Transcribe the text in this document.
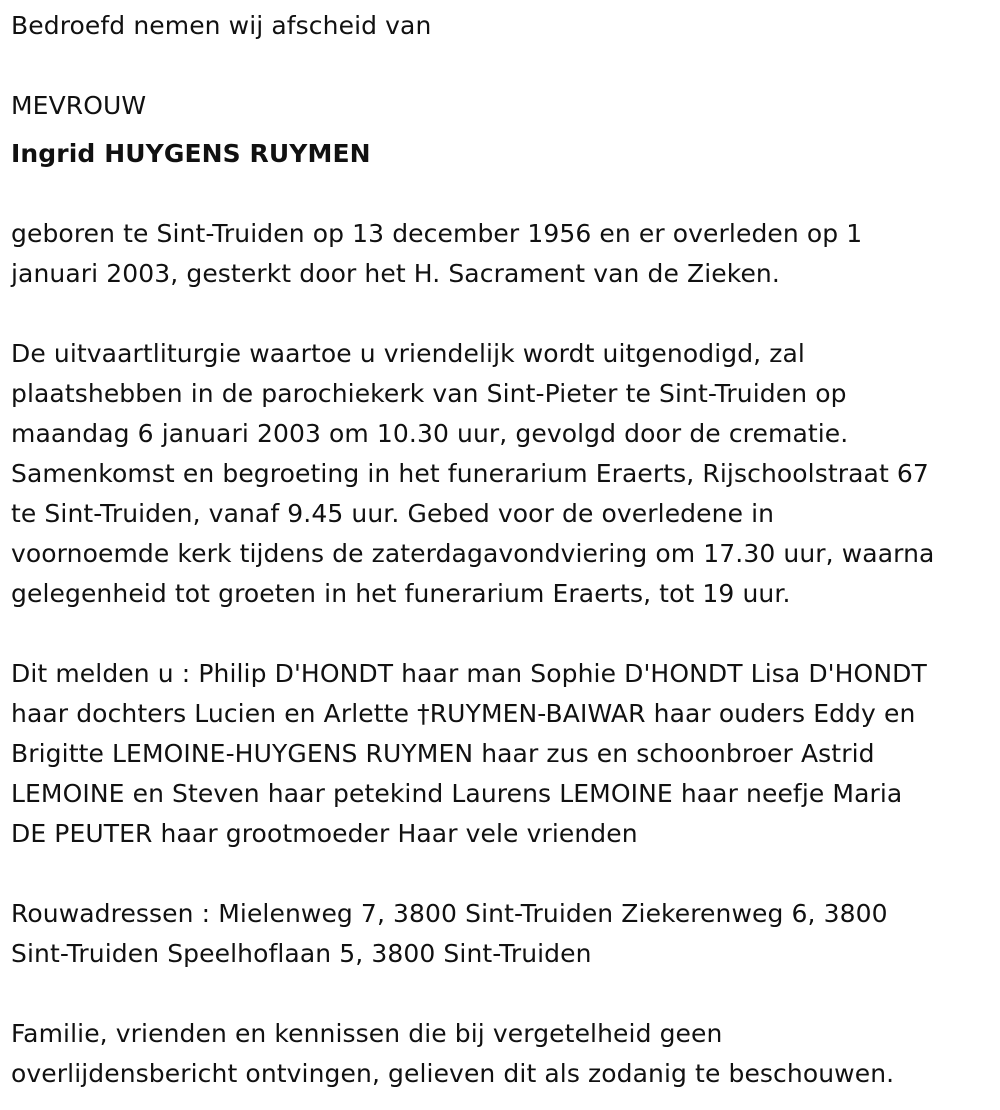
Bedroefd nemen wij afscheid van
MEVROUW
Ingrid HUYGENS RUYMEN
geboren te Sint-Truiden op 13 december 1956 en er overleden op 1
januari 2003, gesterkt door het H. Sacrament van de Zieken.
De uitvaartliturgie waartoe u vriendelijk wordt uitgenodigd, zal
plaatshebben in de parochiekerk van Sint-Pieter te Sint-Truiden op
maandag 6 januari 2003 om 10.30 uur, gevolgd door de crematie.
Samenkomst en begroeting in het funerarium Eraerts, Rijschoolstraat 67
te Sint-Truiden, vanaf 9.45 uur. Gebed voor de overledene in
voornoemde kerk tijdens de zaterdagavondviering om 17.30 uur, waarna
gelegenheid tot groeten in het funerarium Eraerts, tot 19 uur.
Dit melden u : Philip D'HONDT haar man Sophie D'HONDT Lisa D'HONDT
haar dochters Lucien en Arlette †RUYMEN-BAIWAR haar ouders Eddy en
Brigitte LEMOINE-HUYGENS RUYMEN haar zus en schoonbroer Astrid
LEMOINE en Steven haar petekind Laurens LEMOINE haar neefje Maria
DE PEUTER haar grootmoeder Haar vele vrienden
Rouwadressen : Mielenweg 7, 3800 Sint-Truiden Ziekerenweg 6, 3800
Sint-Truiden Speelhoflaan 5, 3800 Sint-Truiden
Familie, vrienden en kennissen die bij vergetelheid geen
overlijdensbericht ontvingen, gelieven dit als zodanig te beschouwen.
